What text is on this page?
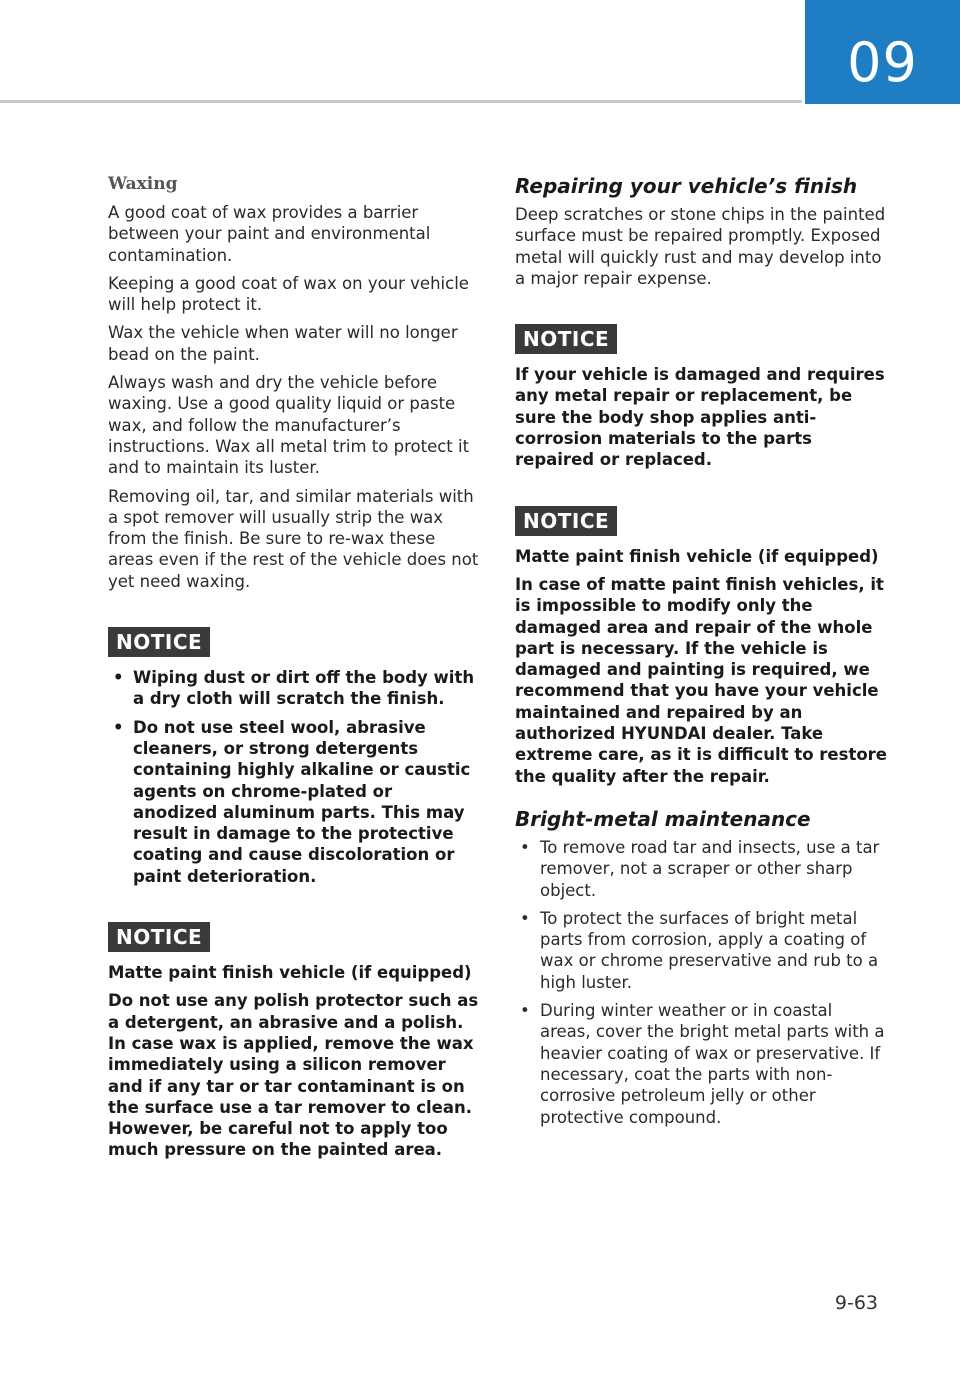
09
Waxing

A good coat of wax provides a barrier between your paint and environmental contamination.

Keeping a good coat of wax on your vehicle will help protect it.

Wax the vehicle when water will no longer bead on the paint.

Always wash and dry the vehicle before waxing. Use a good quality liquid or paste wax, and follow the manufacturer’s instructions. Wax all metal trim to protect it and to maintain its luster.

Removing oil, tar, and similar materials with a spot remover will usually strip the wax from the finish. Be sure to re-wax these areas even if the rest of the vehicle does not yet need waxing.

NOTICE
• Wiping dust or dirt off the body with a dry cloth will scratch the finish.
• Do not use steel wool, abrasive cleaners, or strong detergents containing highly alkaline or caustic agents on chrome-plated or anodized aluminum parts. This may result in damage to the protective coating and cause discoloration or paint deterioration.
NOTICE

Matte paint finish vehicle (if equipped)

Do not use any polish protector such as a detergent, an abrasive and a polish. In case wax is applied, remove the wax immediately using a silicon remover and if any tar or tar contaminant is on the surface use a tar remover to clean. However, be careful not to apply too much pressure on the painted area.

Repairing your vehicle’s finish

Deep scratches or stone chips in the painted surface must be repaired promptly. Exposed metal will quickly rust and may develop into a major repair expense.

NOTICE

If your vehicle is damaged and requires any metal repair or replacement, be sure the body shop applies anti-corrosion materials to the parts repaired or replaced.

NOTICE

Matte paint finish vehicle (if equipped)

In case of matte paint finish vehicles, it is impossible to modify only the damaged area and repair of the whole part is necessary. If the vehicle is damaged and painting is required, we recommend that you have your vehicle maintained and repaired by an authorized HYUNDAI dealer. Take extreme care, as it is difficult to restore the quality after the repair.

Bright-metal maintenance
• To remove road tar and insects, use a tar remover, not a scraper or other sharp object.
• To protect the surfaces of bright metal parts from corrosion, apply a coating of wax or chrome preservative and rub to a high luster.
• During winter weather or in coastal areas, cover the bright metal parts with a heavier coating of wax or preservative. If necessary, coat the parts with non-corrosive petroleum jelly or other protective compound.
9-63
